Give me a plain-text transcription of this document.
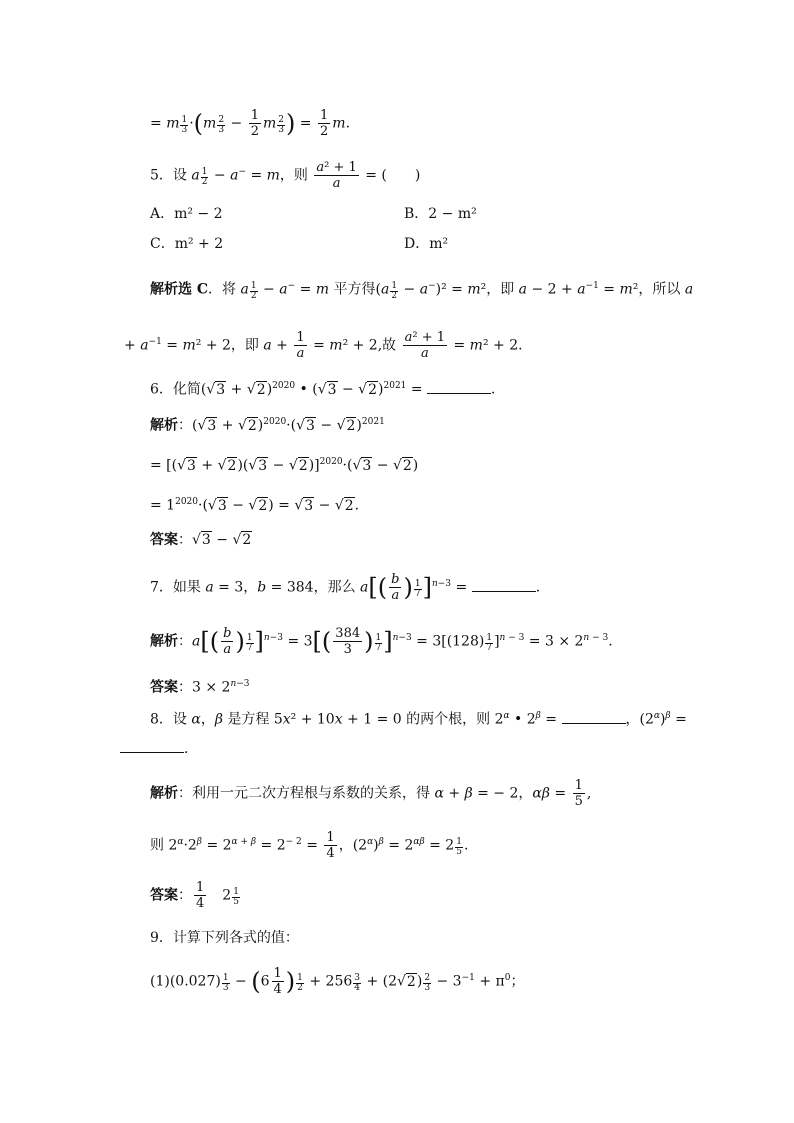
= m $\frac{1}{3} \cdot(m \frac{2}{3} - \frac{1}{2}$ m $\frac{2}{3}$ ) = $\frac{1}{2} m$.
5．设 a $\frac{1}{2} - a^- = m$，则 $\frac{\text{a² + 1}}{a}$ = (　　)
A．m² − 2	B．2 − m²
C．m² + 2	D．m²
解析选 C．将 a $\frac{1}{2} - a^- = m$ 平方得$(a \frac{1}{2} - a^-)^2 = m^2$，即 $a - 2 + a^{-1} = m^2$，所以 a
+ $a^{-1} = m^2 + 2$，即 $a + \frac{1}{a} = m^2 + 2$,故 $\frac{\text{a² + 1}}{a} = m^2 + 2$.
6．化简$(√3 + √2)^{2020}$ • $(√3 - √2)^{2021}$ =	．
解析：$(√3 + √2)^{2020}\cdot(√3 - √2)^{2021}$
= $[(√3 + √2)(√3 - √2)]^{2020}\cdot(√3 - √2)$
= $1^{2020}\cdot(√3 - √2) = √3 - √2$.
答案：√3 − √2
7．如果 a = 3，b = 384，那么 $a[( \frac{b}{a}$ ) $\frac{1}{7} ]^{n-3}$ =	．
解析：$a[( \frac{b}{a}$ ) $\frac{1}{7} ]^{n-3} = 3[( \frac{384}{3}$ ) $\frac{1}{7} ]^{n-3} = 3[(128) \frac{1}{7} ]^{n - 3} = 3 \times 2^{n - 3}$.
答案：$3 \times 2^{n-3}$
8．设 α，β 是方程 5x² + 10x + 1 = 0 的两个根，则 $2^\alpha$ • $2^\beta$ =	，$(2^\alpha)^\beta$ =
．
解析：利用一元二次方程根与系数的关系，得 α + β = − 2，$\alpha\beta = \frac{1}{5}$ ,
则 $2^\alpha\cdot 2^\beta = 2^{\alpha + \beta} = 2^{- 2} = \frac{1}{4}$ ，$(2^\alpha)^\beta = 2^{\alpha\beta} = 2 \frac{1}{5}$ .
答案： $\frac{1}{4}$ 　$2 \frac{1}{5}$
9．计算下列各式的值：
$(1)(0.027) \frac{1}{3} - (6 \frac{1}{4}$ ) $\frac{1}{2} + 256 \frac{3}{4} + (2√2) \frac{2}{3} - 3^{-1} + \pi^0$；
